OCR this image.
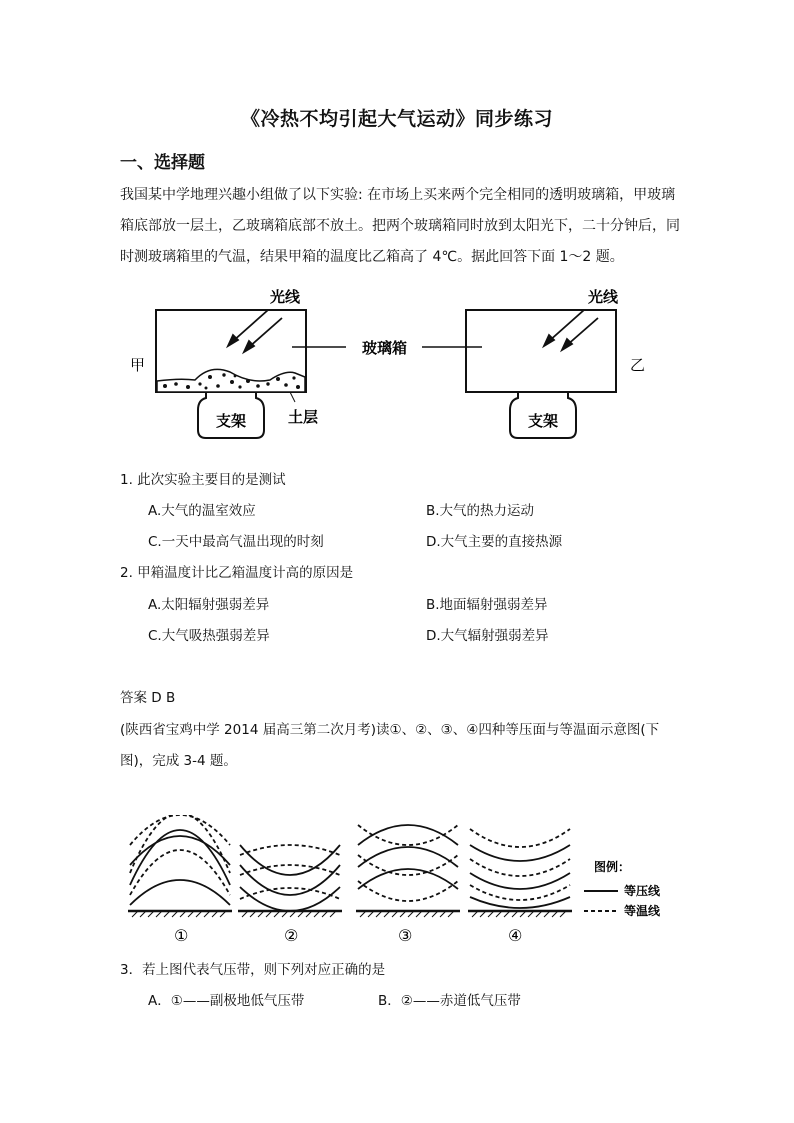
《冷热不均引起大气运动》同步练习
一、选择题
我国某中学地理兴趣小组做了以下实验: 在市场上买来两个完全相同的透明玻璃箱，甲玻璃箱底部放一层土，乙玻璃箱底部不放土。把两个玻璃箱同时放到太阳光下，二十分钟后，同时测玻璃箱里的气温，结果甲箱的温度比乙箱高了 4℃。据此回答下面 1～2 题。
光线
支架	土层
甲
玻璃箱
光线
支架
乙
1. 此次实验主要目的是测试
A.大气的温室效应	B.大气的热力运动
C.一天中最高气温出现的时刻	D.大气主要的直接热源
2. 甲箱温度计比乙箱温度计高的原因是
A.太阳辐射强弱差异	B.地面辐射强弱差异
C.大气吸热强弱差异	D.大气辐射强弱差异
答案 D B
(陕西省宝鸡中学 2014 届高三第二次月考)读①、②、③、④四种等压面与等温面示意图(下
图)，完成 3-4 题。
①	②	③	④
图例：
等压线
等温线
3．若上图代表气压带，则下列对应正确的是
A．①——副极地低气压带	B．②——赤道低气压带
